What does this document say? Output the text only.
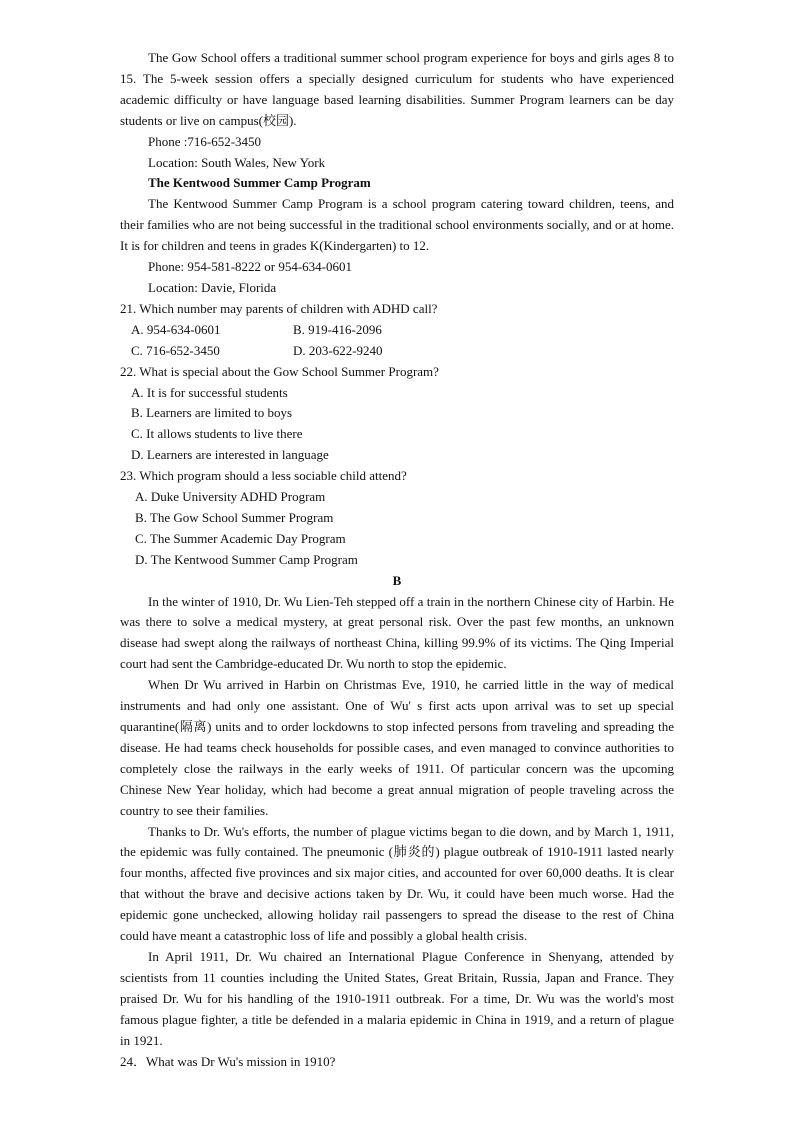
The Gow School offers a traditional summer school program experience for boys and girls ages 8 to 15. The 5-week session offers a specially designed curriculum for students who have experienced academic difficulty or have language based learning disabilities. Summer Program learners can be day students or live on campus(校园).

Phone :716-652-3450

Location: South Wales, New York

The Kentwood Summer Camp Program

The Kentwood Summer Camp Program is a school program catering toward children, teens, and their families who are not being successful in the traditional school environments socially, and or at home. It is for children and teens in grades K(Kindergarten) to 12.

Phone: 954-581-8222 or 954-634-0601

Location: Davie, Florida

21. Which number may parents of children with ADHD call?

A. 954-634-0601	B. 919-416-2096
C. 716-652-3450	D. 203-622-9240

22. What is special about the Gow School Summer Program?

A. It is for successful students

B. Learners are limited to boys

C. It allows students to live there

D. Learners are interested in language

23. Which program should a less sociable child attend?

A. Duke University ADHD Program

B. The Gow School Summer Program

C. The Summer Academic Day Program

D. The Kentwood Summer Camp Program

B

In the winter of 1910, Dr. Wu Lien-Teh stepped off a train in the northern Chinese city of Harbin. He was there to solve a medical mystery, at great personal risk. Over the past few months, an unknown disease had swept along the railways of northeast China, killing 99.9% of its victims. The Qing Imperial court had sent the Cambridge-educated Dr. Wu north to stop the epidemic.

When Dr Wu arrived in Harbin on Christmas Eve, 1910, he carried little in the way of medical instruments and had only one assistant. One of Wu' s first acts upon arrival was to set up special quarantine(隔离) units and to order lockdowns to stop infected persons from traveling and spreading the disease. He had teams check households for possible cases, and even managed to convince authorities to completely close the railways in the early weeks of 1911. Of particular concern was the upcoming Chinese New Year holiday, which had become a great annual migration of people traveling across the country to see their families.

Thanks to Dr. Wu's efforts, the number of plague victims began to die down, and by March 1, 1911, the epidemic was fully contained. The pneumonic (肺炎的) plague outbreak of 1910-1911 lasted nearly four months, affected five provinces and six major cities, and accounted for over 60,000 deaths. It is clear that without the brave and decisive actions taken by Dr. Wu, it could have been much worse. Had the epidemic gone unchecked, allowing holiday rail passengers to spread the disease to the rest of China could have meant a catastrophic loss of life and possibly a global health crisis.

In April 1911, Dr. Wu chaired an International Plague Conference in Shenyang, attended by scientists from 11 counties including the United States, Great Britain, Russia, Japan and France. They praised Dr. Wu for his handling of the 1910-1911 outbreak. For a time, Dr. Wu was the world's most famous plague fighter, a title be defended in a malaria epidemic in China in 1919, and a return of plague in 1921.

24．What was Dr Wu's mission in 1910?
